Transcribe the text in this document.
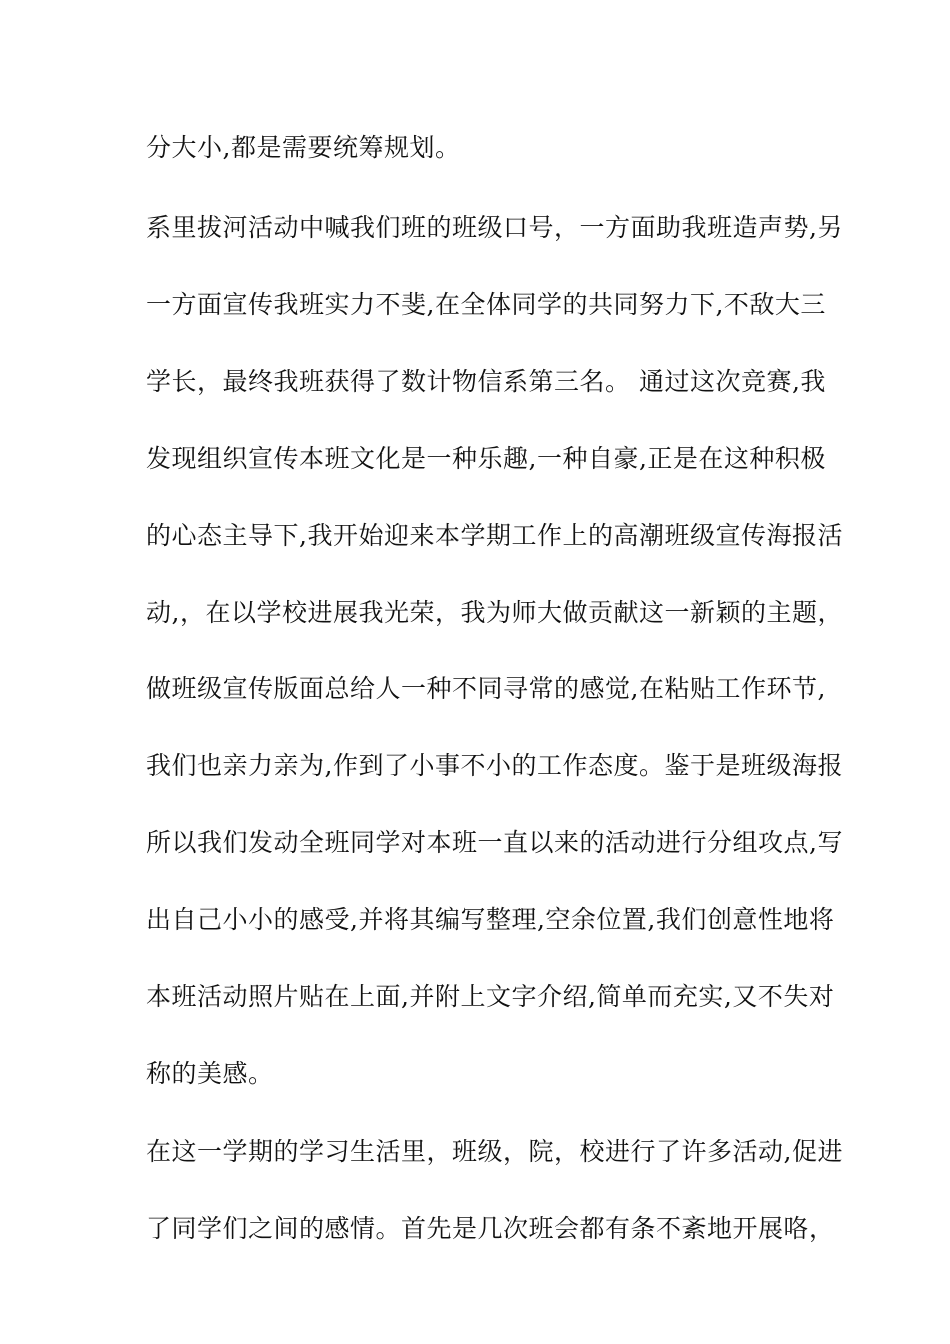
分大小,都是需要统筹规划。
系里拔河活动中喊我们班的班级口号，一方面助我班造声势,另
一方面宣传我班实力不斐,在全体同学的共同努力下,不敌大三
学长，最终我班获得了数计物信系第三名。 通过这次竞赛,我
发现组织宣传本班文化是一种乐趣,一种自豪,正是在这种积极
的心态主导下,我开始迎来本学期工作上的高潮班级宣传海报活
动,，在以学校进展我光荣，我为师大做贡献这一新颖的主题，
做班级宣传版面总给人一种不同寻常的感觉,在粘贴工作环节,
我们也亲力亲为,作到了小事不小的工作态度。鉴于是班级海报
所以我们发动全班同学对本班一直以来的活动进行分组攻点,写
出自己小小的感受,并将其编写整理,空余位置,我们创意性地将
本班活动照片贴在上面,并附上文字介绍,简单而充实,又不失对
称的美感。
在这一学期的学习生活里，班级，院，校进行了许多活动,促进
了同学们之间的感情。首先是几次班会都有条不紊地开展咯，
